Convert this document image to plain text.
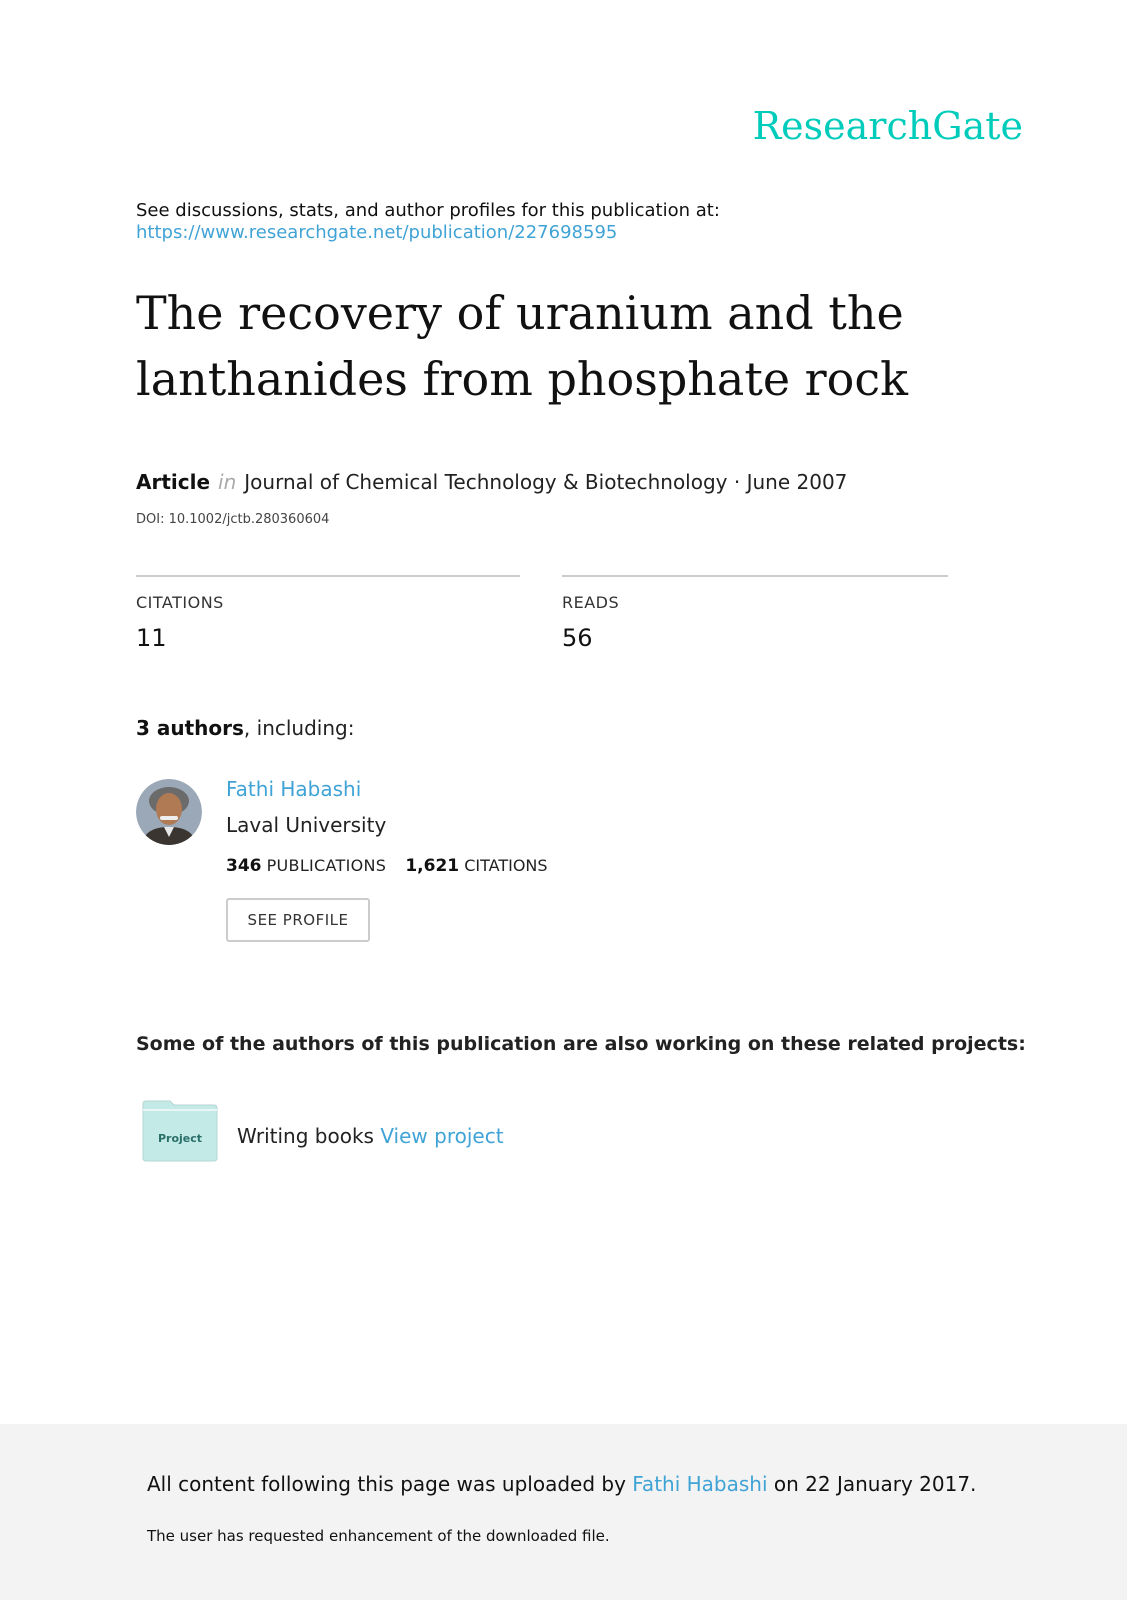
ResearchGate
See discussions, stats, and author profiles for this publication at:
https://www.researchgate.net/publication/227698595
The recovery of uranium and the
lanthanides from phosphate rock
Article in Journal of Chemical Technology & Biotechnology · June 2007
DOI: 10.1002/jctb.280360604
CITATIONS
11
READS
56
3 authors, including:
Fathi Habashi
Laval University
346 PUBLICATIONS 1,621 CITATIONS
SEE PROFILE
Some of the authors of this publication are also working on these related projects:
Project	Writing books View project
All content following this page was uploaded by Fathi Habashi on 22 January 2017.
The user has requested enhancement of the downloaded file.
